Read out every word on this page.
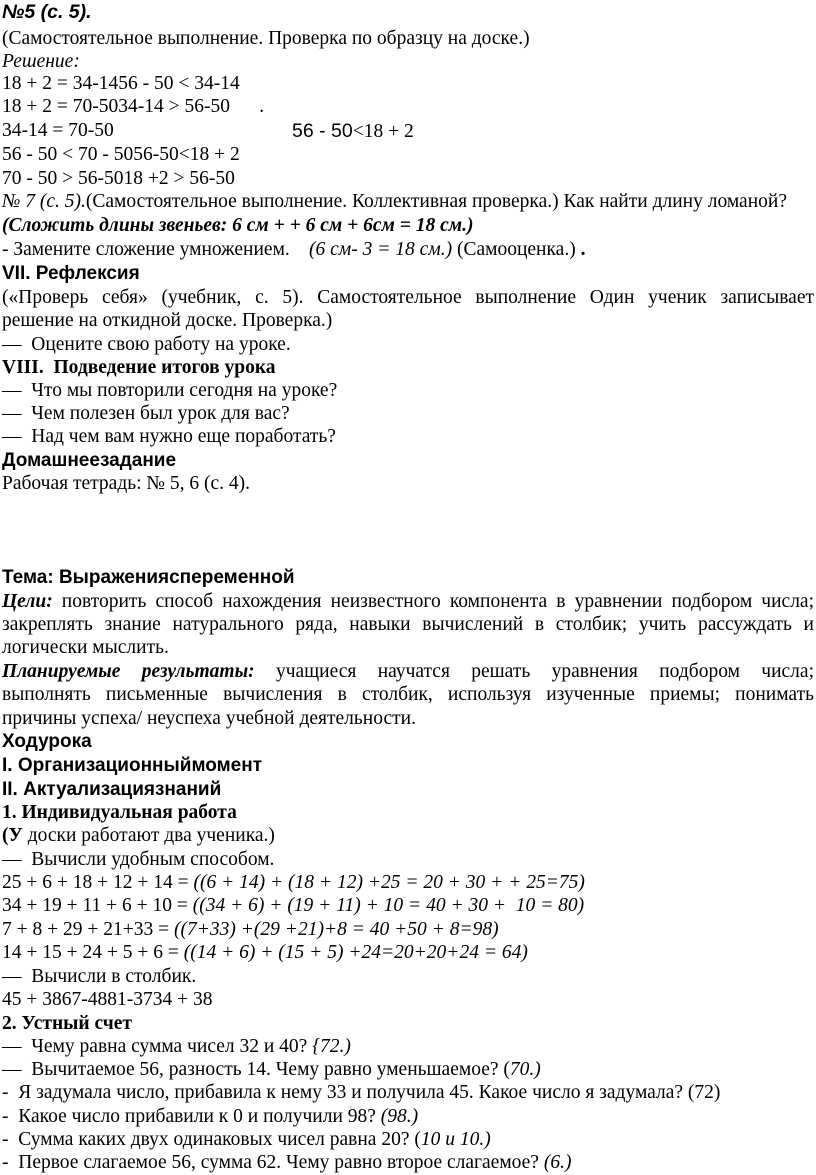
№5 (с. 5).
(Самостоятельное выполнение. Проверка по образцу на доске.)
Решение:
18 + 2 = 34-1456 - 50 < 34-14
18 + 2 = 70-5034-14 > 56-50      .
34-14 = 70-50
70 - 50 > 56-5018 +2 > 56-50
- Замените сложение умножением.
VII. Рефлексия
—  Оцените свою работу на уроке.
VIII.  Подведение итогов урока
—  Что мы повторили сегодня на уроке?
—  Чем полезен был урок для вас?
—  Над чем вам нужно еще поработать?
Домашнеезадание
Рабочая тетрадь: № 5, 6 (с. 4).
Тема: Выраженияспеременной
логически мыслить.
причины успеха/ неуспеха учебной деятельности.
Ходурока
I. Организационныймомент
II. Актуализациязнаний
1. Индивидуальная работа
—  Вычисли удобным способом.
—  Вычисли в столбик.
45 + 3867-4881-3734 + 38
2. Устный счет
56 - 50 < 70 - 5056-50<18 + 2
56 - 50<18 + 2
№ 7 (с. 5).(Самостоятельное выполнение. Коллективная проверка.) Как найти длину ломаной?
(Сложить длины звеньев: 6 см + + 6 см + 6см = 18 см.)
(6 см- 3 = 18 см.) (Самооценка.) .
(«Проверь себя» (учебник, с. 5). Самостоятельное выполнение Один ученик записывает
решение на откидной доске. Проверка.)
Цели: повторить способ нахождения неизвестного компонента в уравнении подбором числа;
закреплять знание натурального ряда, навыки вычислений в столбик; учить рассуждать и
Планируемые результаты: учащиеся научатся решать уравнения подбором числа;
выполнять письменные вычисления в столбик, используя изученные приемы; понимать
(У доски работают два ученика.)
25 + 6 + 18 + 12 + 14 = ((6 + 14) + (18 + 12) +25 = 20 + 30 + + 25=75)
34 + 19 + 11 + 6 + 10 = ((34 + 6) + (19 + 11) + 10 = 40 + 30 +  10 = 80)
7 + 8 + 29 + 21+33 = ((7+33) +(29 +21)+8 = 40 +50 + 8=98)
14 + 15 + 24 + 5 + 6 = ((14 + 6) + (15 + 5) +24=20+20+24 = 64)
—  Чему равна сумма чисел 32 и 40? {72.)
—  Вычитаемое 56, разность 14. Чему равно уменьшаемое? (70.)
-  Я задумала число, прибавила к нему 33 и получила 45. Какое число я задумала? (72)
-  Какое число прибавили к 0 и получили 98? (98.)
-  Сумма каких двух одинаковых чисел равна 20? (10 и 10.)
-  Первое слагаемое 56, сумма 62. Чему равно второе слагаемое? (6.)
